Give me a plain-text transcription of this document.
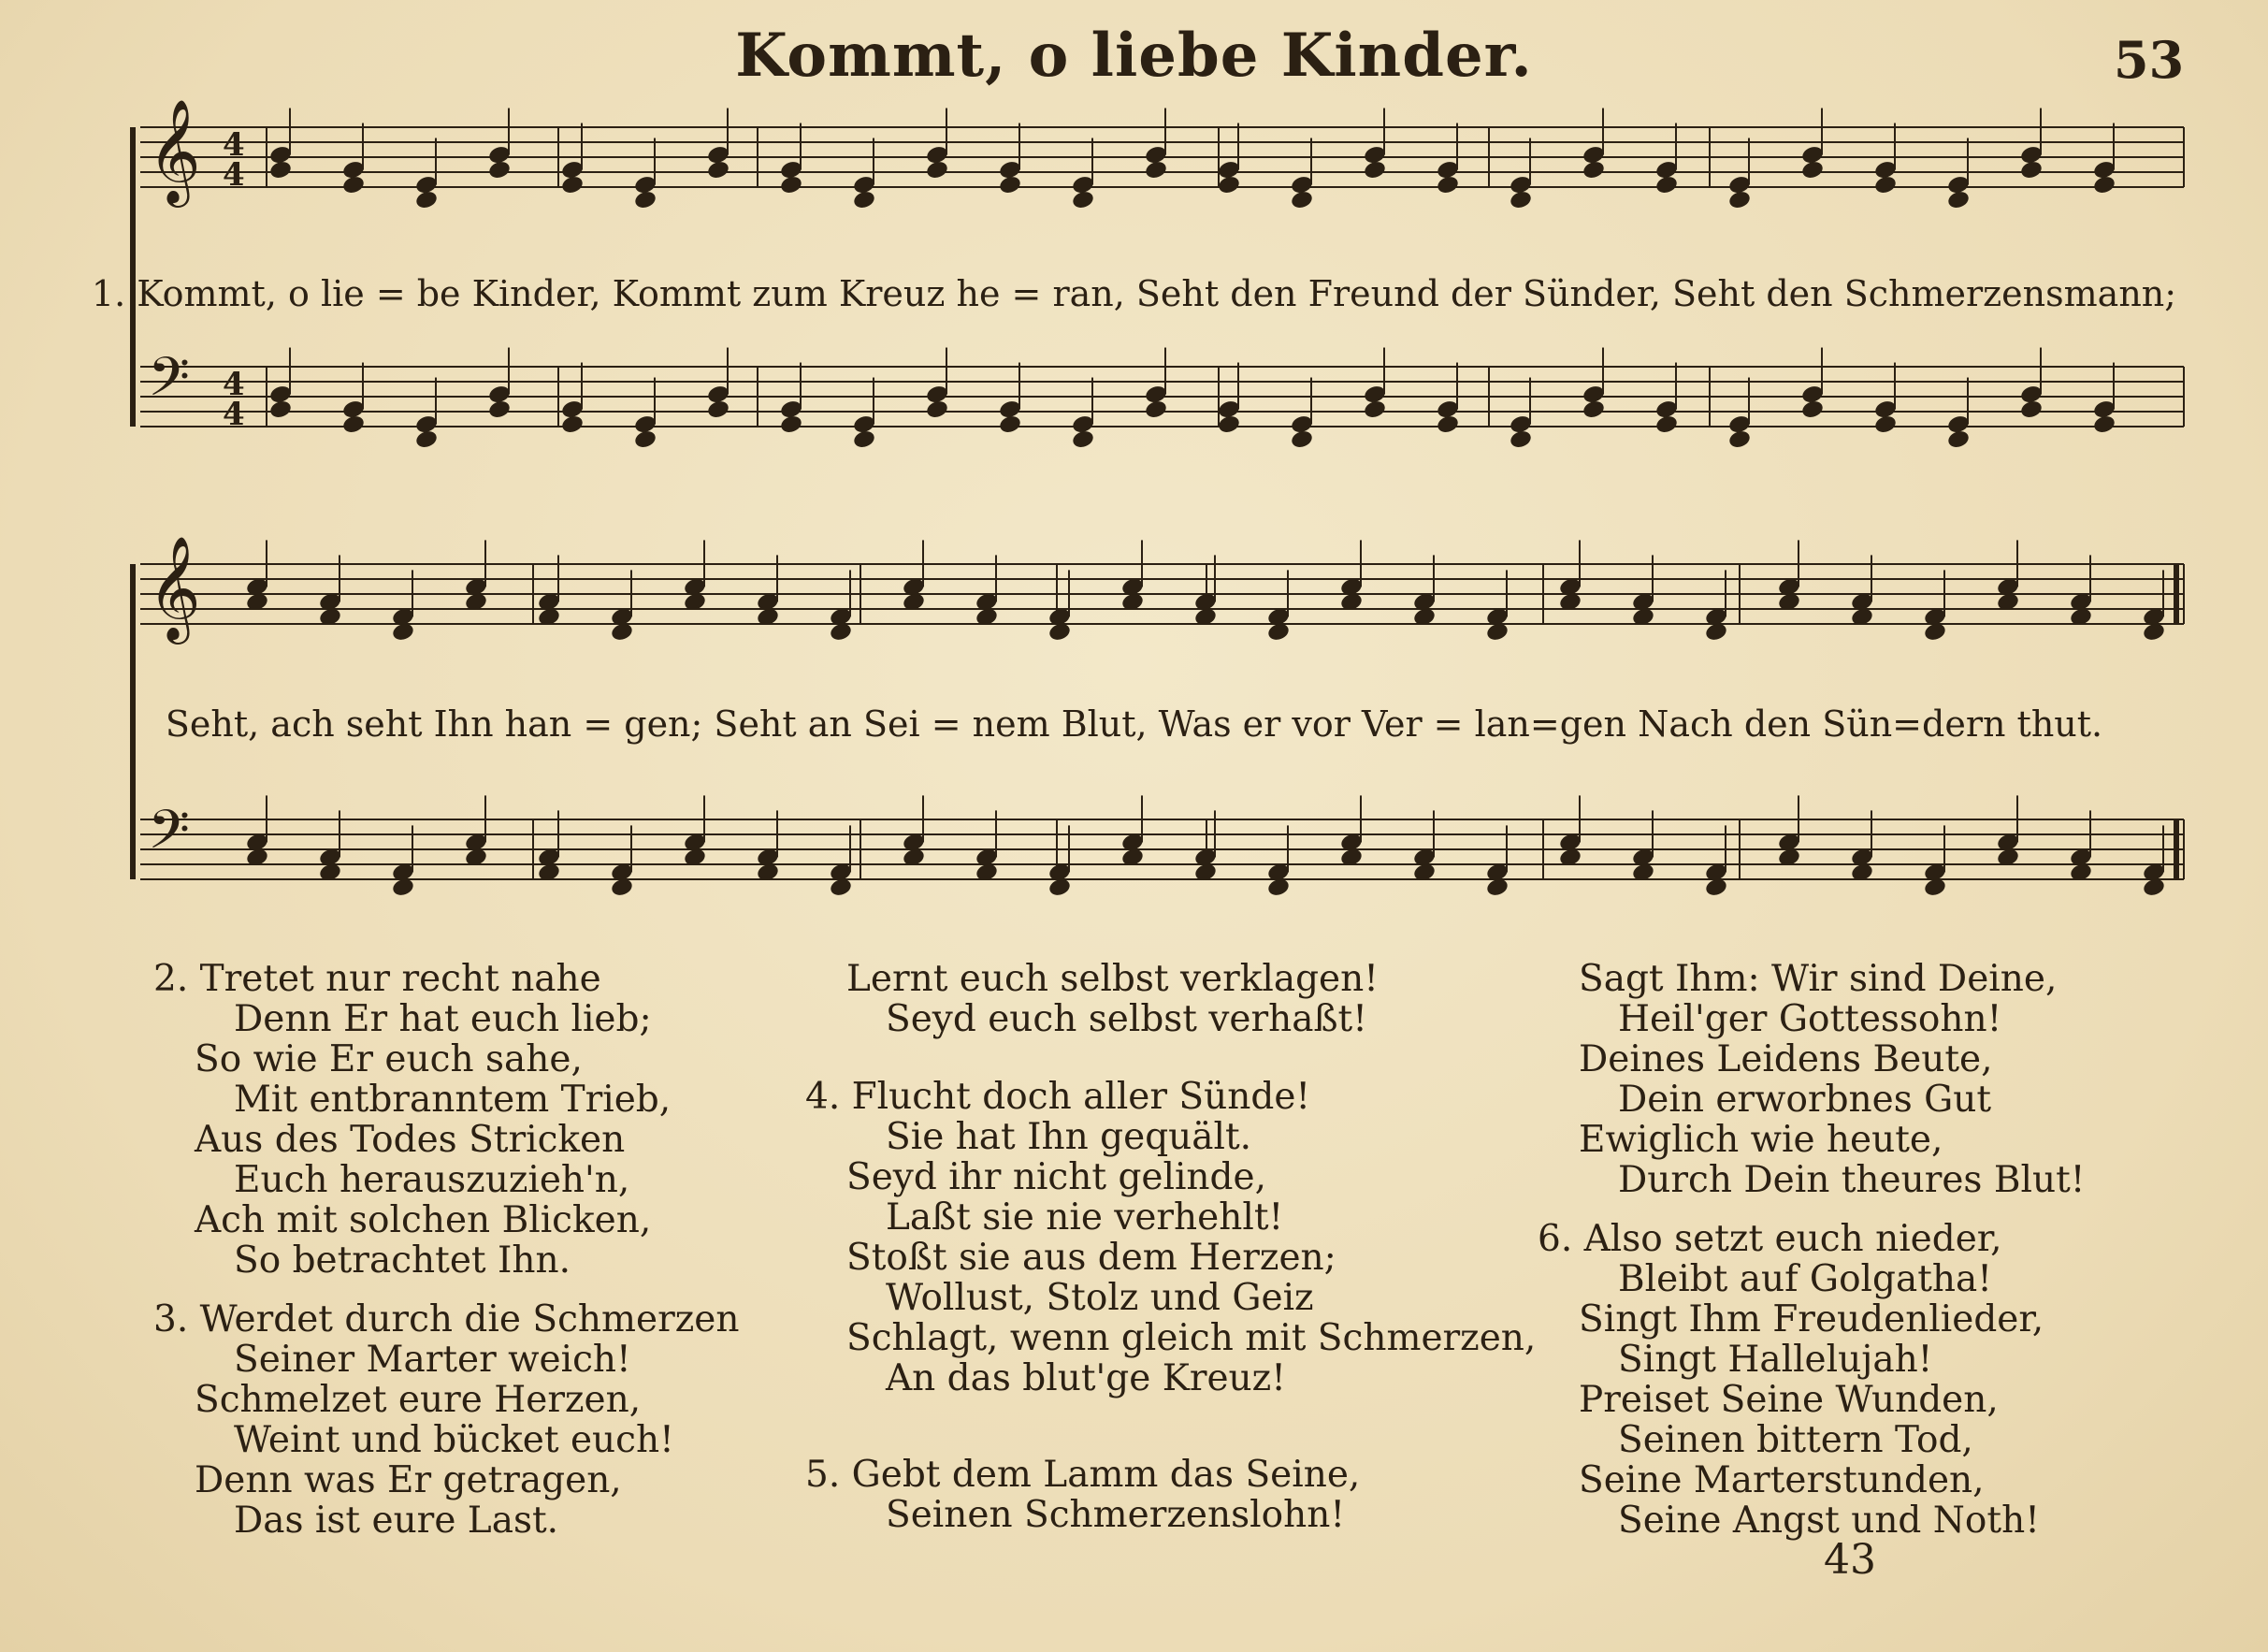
Kommt, o liebe Kinder.	53
𝄞 4
4
𝄢 4
4
𝄞
𝄢
1. Kommt, o lie = be Kinder, Kommt zum Kreuz he = ran, Seht den Freund der Sünder, Seht den Schmerzensmann;
Seht, ach seht Ihn han = gen; Seht an Sei = nem Blut, Was er vor Ver = lan=gen Nach den Sün=dern thut.
2. Tretet nur recht nahe
Denn Er hat euch lieb;
So wie Er euch sahe,
Mit entbranntem Trieb,
Aus des Todes Stricken
Euch herauszuzieh'n,
Ach mit solchen Blicken,
So betrachtet Ihn.
3. Werdet durch die Schmerzen
Seiner Marter weich!
Schmelzet eure Herzen,
Weint und bücket euch!
Denn was Er getragen,
Das ist eure Last.
Lernt euch selbst verklagen!
Seyd euch selbst verhaßt!
4. Flucht doch aller Sünde!
Sie hat Ihn gequält.
Seyd ihr nicht gelinde,
Laßt sie nie verhehlt!
Stoßt sie aus dem Herzen;
Wollust, Stolz und Geiz
Schlagt, wenn gleich mit Schmerzen,
An das blut'ge Kreuz!
5. Gebt dem Lamm das Seine,
Seinen Schmerzenslohn!
Sagt Ihm: Wir sind Deine,
Heil'ger Gottessohn!
Deines Leidens Beute,
Dein erworbnes Gut
Ewiglich wie heute,
Durch Dein theures Blut!
6. Also setzt euch nieder,
Bleibt auf Golgatha!
Singt Ihm Freudenlieder,
Singt Hallelujah!
Preiset Seine Wunden,
Seinen bittern Tod,
Seine Marterstunden,
Seine Angst und Noth!
43
